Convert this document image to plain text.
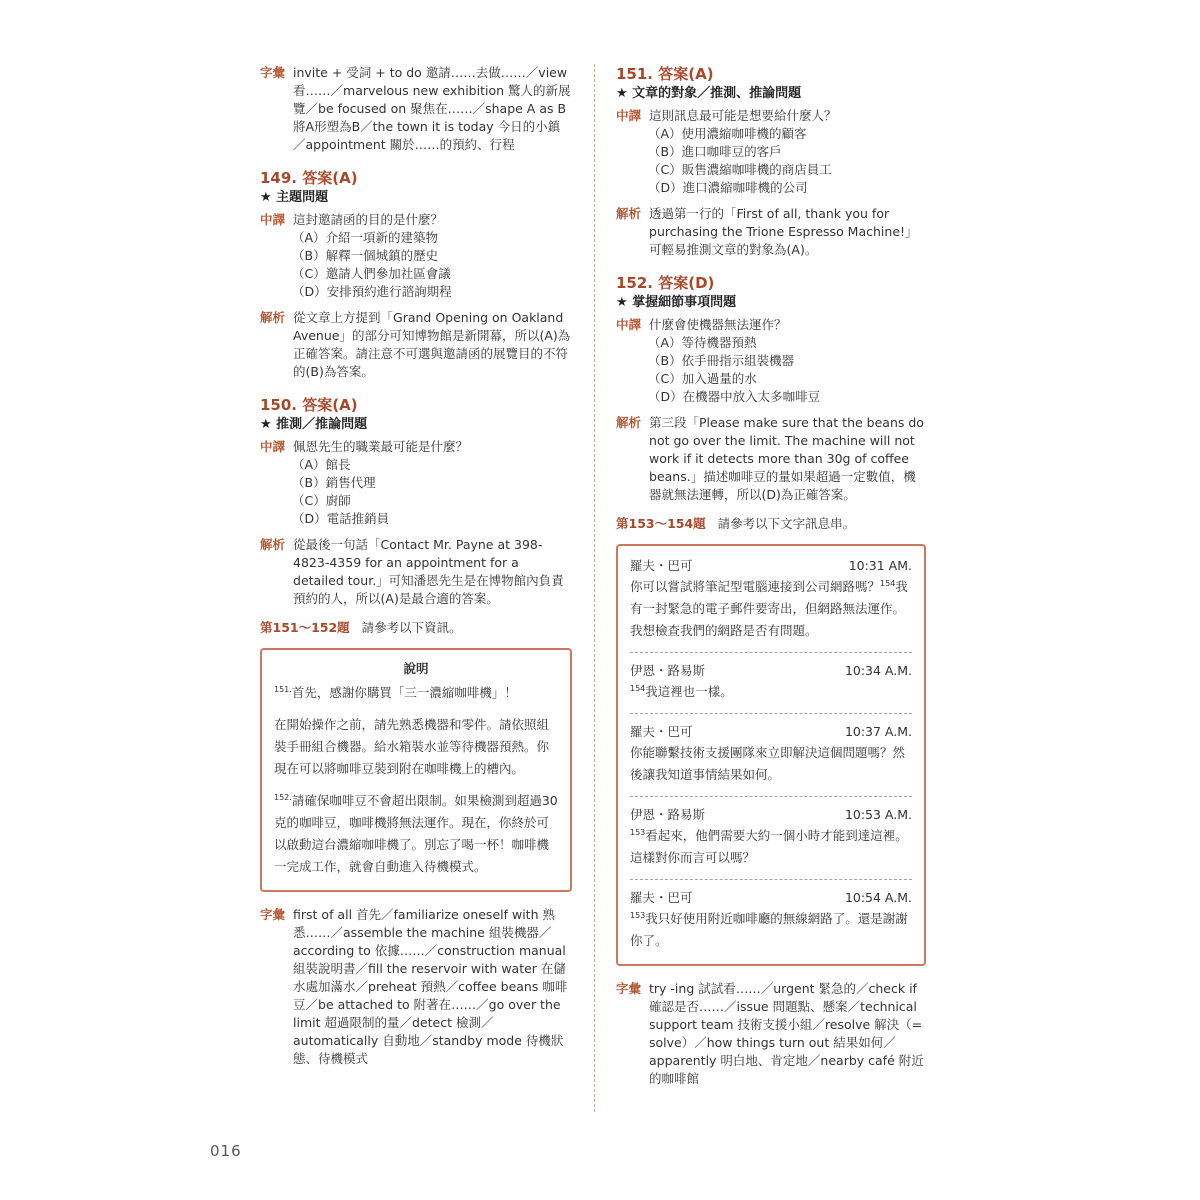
字彙 invite + 受詞 + to do 邀請……去做……／view 看……／marvelous new exhibition 驚人的新展覽／be focused on 聚焦在……／shape A as B 將A形塑為B／the town it is today 今日的小鎮／appointment 關於……的預約、行程
149. 答案(A)
★ 主題問題
中譯 這封邀請函的目的是什麼？
（A）介紹一項新的建築物
（B）解釋一個城鎮的歷史
（C）邀請人們參加社區會議
（D）安排預約進行諮詢期程
解析 從文章上方提到「Grand Opening on Oakland Avenue」的部分可知博物館是新開幕，所以(A)為正確答案。請注意不可選與邀請函的展覽目的不符的(B)為答案。
150. 答案(A)
★ 推測／推論問題
中譯 佩恩先生的職業最可能是什麼？
（A）館長
（B）銷售代理
（C）廚師
（D）電話推銷員
解析 從最後一句話「Contact Mr. Payne at 398-4823-4359 for an appointment for a detailed tour.」可知潘恩先生是在博物館內負責預約的人，所以(A)是最合適的答案。
第151～152題 請參考以下資訊。
說明

$^{151.}$首先，感謝你購買「三一濃縮咖啡機」！

在開始操作之前，請先熟悉機器和零件。請依照組裝手冊組合機器。給水箱裝水並等待機器預熱。你現在可以將咖啡豆裝到附在咖啡機上的槽內。

$^{152.}$請確保咖啡豆不會超出限制。如果檢測到超過30克的咖啡豆，咖啡機將無法運作。現在，你終於可以啟動這台濃縮咖啡機了。別忘了喝一杯！咖啡機一完成工作，就會自動進入待機模式。

字彙 first of all 首先／familiarize oneself with 熟悉……／assemble the machine 組裝機器／according to 依據……／construction manual 組裝說明書／fill the reservoir with water 在儲水處加滿水／preheat 預熱／coffee beans 咖啡豆／be attached to 附著在……／go over the limit 超過限制的量／detect 檢測／automatically 自動地／standby mode 待機狀態、待機模式
151. 答案(A)
★ 文章的對象／推測、推論問題
中譯 這則訊息最可能是想要給什麼人？
（A）使用濃縮咖啡機的顧客
（B）進口咖啡豆的客戶
（C）販售濃縮咖啡機的商店員工
（D）進口濃縮咖啡機的公司
解析 透過第一行的「First of all, thank you for purchasing the Trione Espresso Machine!」可輕易推測文章的對象為(A)。
152. 答案(D)
★ 掌握細節事項問題
中譯 什麼會使機器無法運作？
（A）等待機器預熱
（B）依手冊指示組裝機器
（C）加入過量的水
（D）在機器中放入太多咖啡豆
解析 第三段「Please make sure that the beans do not go over the limit. The machine will not work if it detects more than 30g of coffee beans.」描述咖啡豆的量如果超過一定數值，機器就無法運轉，所以(D)為正確答案。
第153～154題 請參考以下文字訊息串。
羅夫・巴可	10:31 AM.
你可以嘗試將筆記型電腦連接到公司網路嗎？$^{154}$我有一封緊急的電子郵件要寄出，但網路無法運作。我想檢查我們的網路是否有問題。
伊恩・路易斯	10:34 A.M.
$^{154}$我這裡也一樣。
羅夫・巴可	10:37 A.M.
你能聯繫技術支援團隊來立即解決這個問題嗎？然後讓我知道事情結果如何。
伊恩・路易斯	10:53 A.M.
$^{153}$看起來，他們需要大約一個小時才能到達這裡。這樣對你而言可以嗎？
羅夫・巴可	10:54 A.M.
$^{153}$我只好使用附近咖啡廳的無線網路了。還是謝謝你了。
字彙 try -ing 試試看……／urgent 緊急的／check if 確認是否……／issue 問題點、懸案／technical support team 技術支援小組／resolve 解決（= solve）／how things turn out 結果如何／apparently 明白地、肯定地／nearby café 附近的咖啡館
016
